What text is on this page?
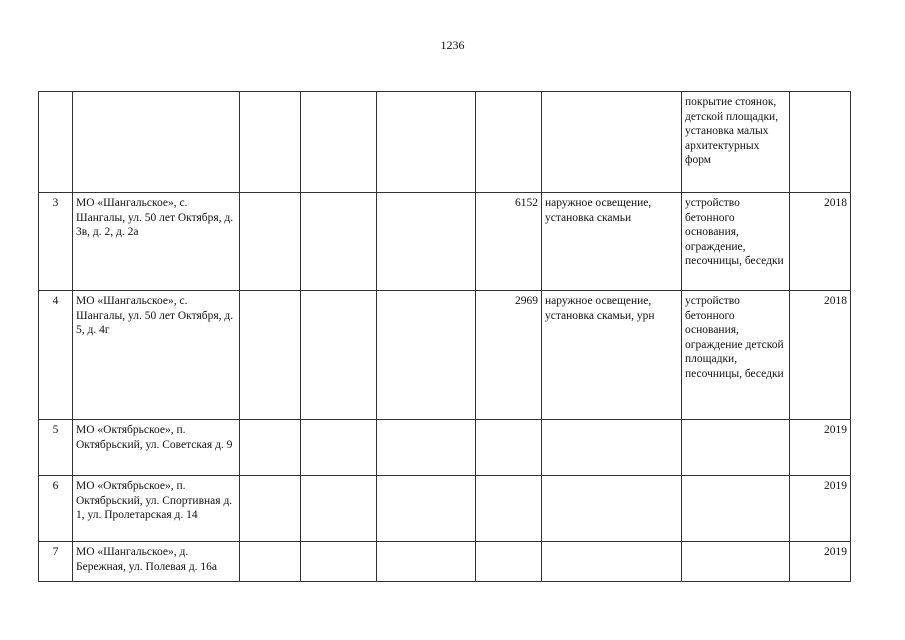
1236
							покрытие стоянок, детской площадки, установка малых архитектурных форм	
3	МО «Шангальское», с. Шангалы, ул. 50 лет Октября, д. 3в, д. 2, д. 2а				6152	наружное освещение, установка скамьи	устройство бетонного основания, ограждение, песочницы, беседки	2018
4	МО «Шангальское», с. Шангалы, ул. 50 лет Октября, д. 5, д. 4г				2969	наружное освещение, установка скамьи, урн	устройство бетонного основания, ограждение детской площадки, песочницы, беседки	2018
5	МО «Октябрьское», п. Октябрьский, ул. Советская д. 9							2019
6	МО «Октябрьское», п. Октябрьский, ул. Спортивная д. 1, ул. Пролетарская д. 14							2019
7	МО «Шангальское», д. Бережная, ул. Полевая д. 16а							2019
